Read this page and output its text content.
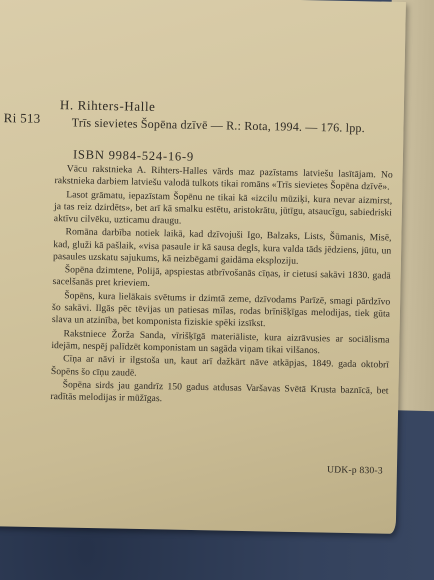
Ri 513
H. Rihters-Halle
Trīs sievietes Šopēna dzīvē — R.: Rota, 1994. — 176. lpp.
ISBN 9984-524-16-9

Vācu rakstnieka A. Rihters-Halles vārds maz pazīstams latviešu lasītājam. No rakstnieka darbiem latviešu valodā tulkots tikai romāns «Trīs sievietes Šopēna dzīvē».

Lasot grāmatu, iepazīstam Šopēnu ne tikai kā «izcilu mūziķi, kura nevar aizmirst, ja tas reiz dzirdēts», bet arī kā smalku estētu, aristokrātu, jūtīgu, atsaucīgu, sabiedriski aktīvu cilvēku, uzticamu draugu.

Romāna darbība notiek laikā, kad dzīvojuši Igo, Balzaks, Lists, Šūmanis, Misē, kad, gluži kā pašlaik, «visa pasaule ir kā sausa degls, kura valda tāds jēdziens, jūtu, un pasaules uzskatu sajukums, kā neizbēgami gaidāma eksploziju.

Šopēna dzimtene, Polijā, apspiestas atbrīvošanās cīņas, ir cietusi sakāvi 1830. gadā sacelšanās pret krieviem.

Šopēns, kura lielākais svētums ir dzimtā zeme, dzīvodams Parīzē, smagi pārdzīvo šo sakāvi. Ilgās pēc tēvijas un patiesas mīlas, rodas brīnišķīgas melodijas, tiek gūta slava un atzinība, bet komponista fiziskie spēki izsīkst.

Rakstniece Žorža Sanda, vīrišķīgā materiāliste, kura aizrāvusies ar sociālisma idejām, nespēj palīdzēt komponistam un sagāda viņam tikai vilšanos.

Cīņa ar nāvi ir ilgstoša un, kaut arī dažkārt nāve atkāpjas, 1849. gada oktobrī Šopēns šo cīņu zaudē.

Šopēna sirds jau gandrīz 150 gadus atdusas Varšavas Svētā Krusta baznīcā, bet radītās melodijas ir mūžīgas.

UDK-p 830-3
